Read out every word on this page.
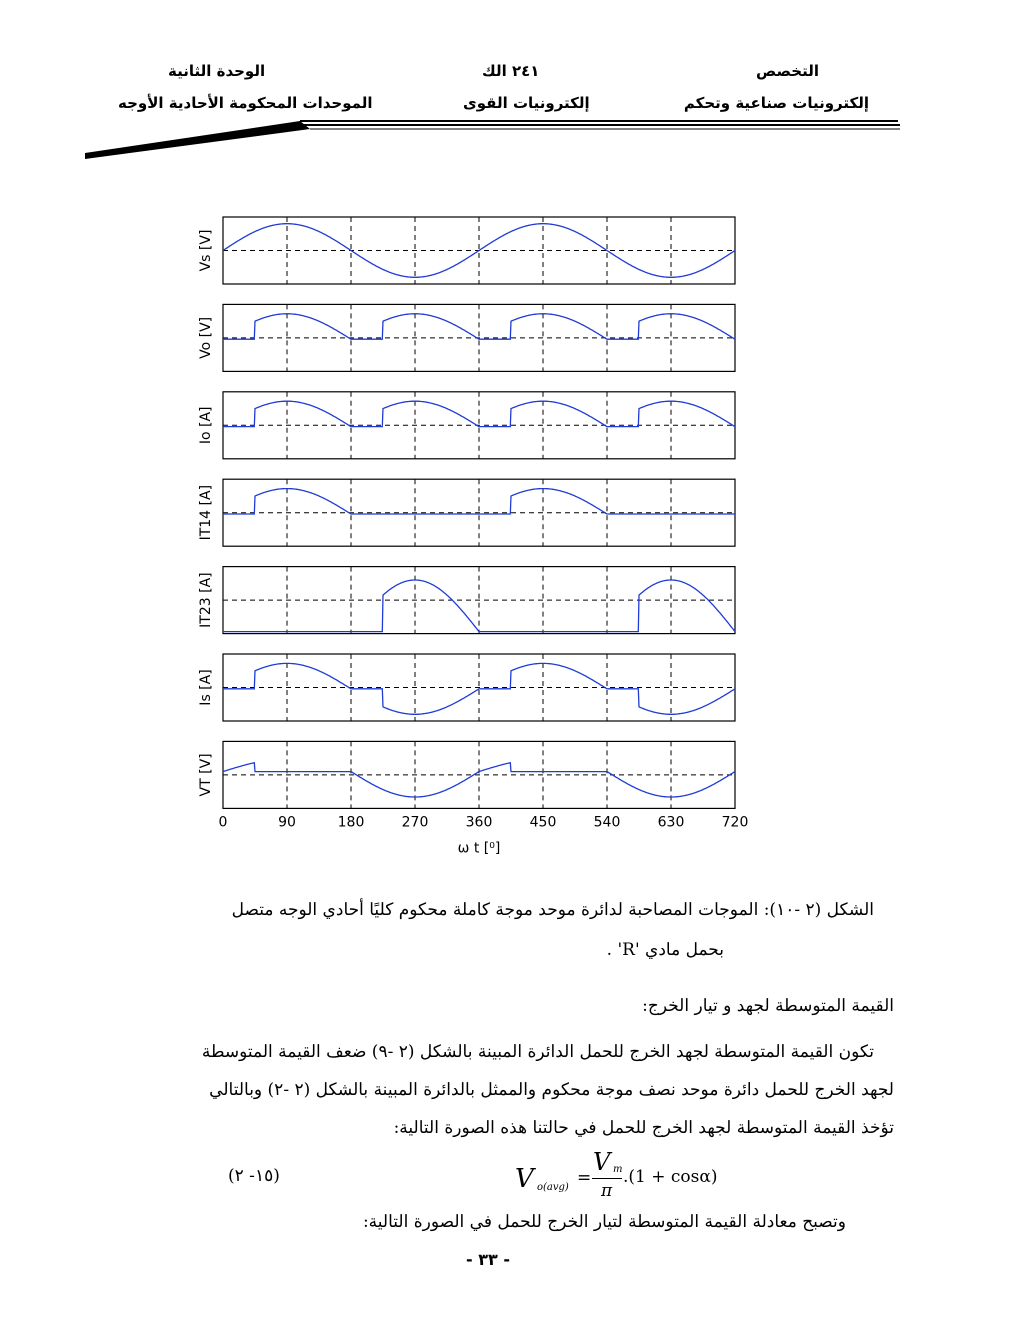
التخصص
إلكترونيات صناعية وتحكم
٢٤١ الك
إلكترونيات القوى
الوحدة الثانية
الموحدات المحكومة الأحادية الأوجه
Vs [V]
Vo [V]
Io [A]
IT14 [A]
IT23 [A]
Is [A]
VT [V]
0	90	180	270	360	450	540	630	720
ω t [⁰]
الشكل (٢ -١٠): الموجات المصاحبة لدائرة موحد موجة كاملة محكوم كليًا أحادي الوجه متصل
بحمل مادي 'R' .
القيمة المتوسطة لجهد و تيار الخرج:
تكون القيمة المتوسطة لجهد الخرج للحمل الدائرة المبينة بالشكل (٢ -٩) ضعف القيمة المتوسطة
لجهد الخرج للحمل دائرة موحد نصف موجة محكوم والممثل بالدائرة المبينة بالشكل (٢ -٢) وبالتالي
تؤخذ القيمة المتوسطة لجهد الخرج للحمل في حالتنا هذه الصورة التالية:
V o(avg) =
V m
π
.(1 + cosα)
(١٥- ٢)
وتصبح معادلة القيمة المتوسطة لتيار الخرج للحمل في الصورة التالية:
- ٣٣ -
